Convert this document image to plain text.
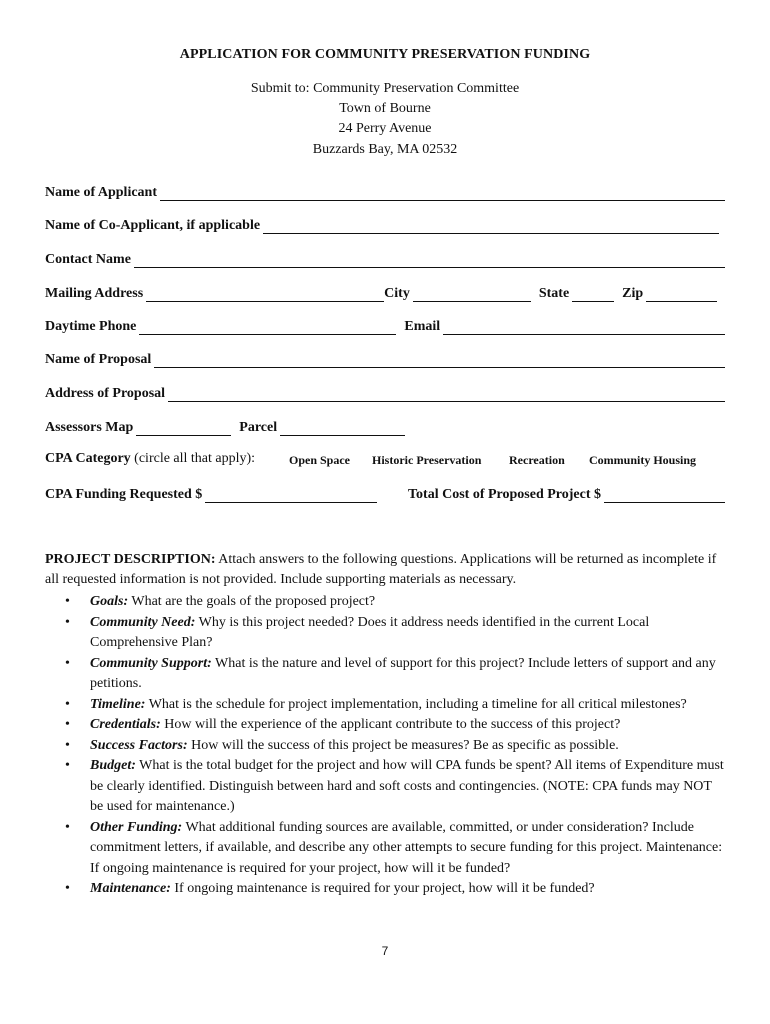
APPLICATION FOR COMMUNITY PRESERVATION FUNDING
Submit to: Community Preservation Committee
Town of Bourne
24 Perry Avenue
Buzzards Bay, MA 02532
Name of Applicant
Name of Co-Applicant, if applicable
Contact Name
Mailing Address	City	State	Zip
Daytime Phone	Email
Name of Proposal
Address of Proposal
Assessors Map	Parcel
CPA Category (circle all that apply):	Open Space Historic Preservation Recreation Community Housing
CPA Funding Requested $	Total Cost of Proposed Project $
PROJECT DESCRIPTION: Attach answers to the following questions. Applications will be returned as incomplete if all requested information is not provided. Include supporting materials as necessary.
• Goals: What are the goals of the proposed project?
• Community Need: Why is this project needed? Does it address needs identified in the current Local Comprehensive Plan?
• Community Support: What is the nature and level of support for this project? Include letters of support and any petitions.
• Timeline: What is the schedule for project implementation, including a timeline for all critical milestones?
• Credentials: How will the experience of the applicant contribute to the success of this project?
• Success Factors: How will the success of this project be measures? Be as specific as possible.
• Budget: What is the total budget for the project and how will CPA funds be spent? All items of Expenditure must be clearly identified. Distinguish between hard and soft costs and contingencies. (NOTE: CPA funds may NOT be used for maintenance.)
• Other Funding: What additional funding sources are available, committed, or under consideration? Include commitment letters, if available, and describe any other attempts to secure funding for this project. Maintenance: If ongoing maintenance is required for your project, how will it be funded?
• Maintenance: If ongoing maintenance is required for your project, how will it be funded?
7
